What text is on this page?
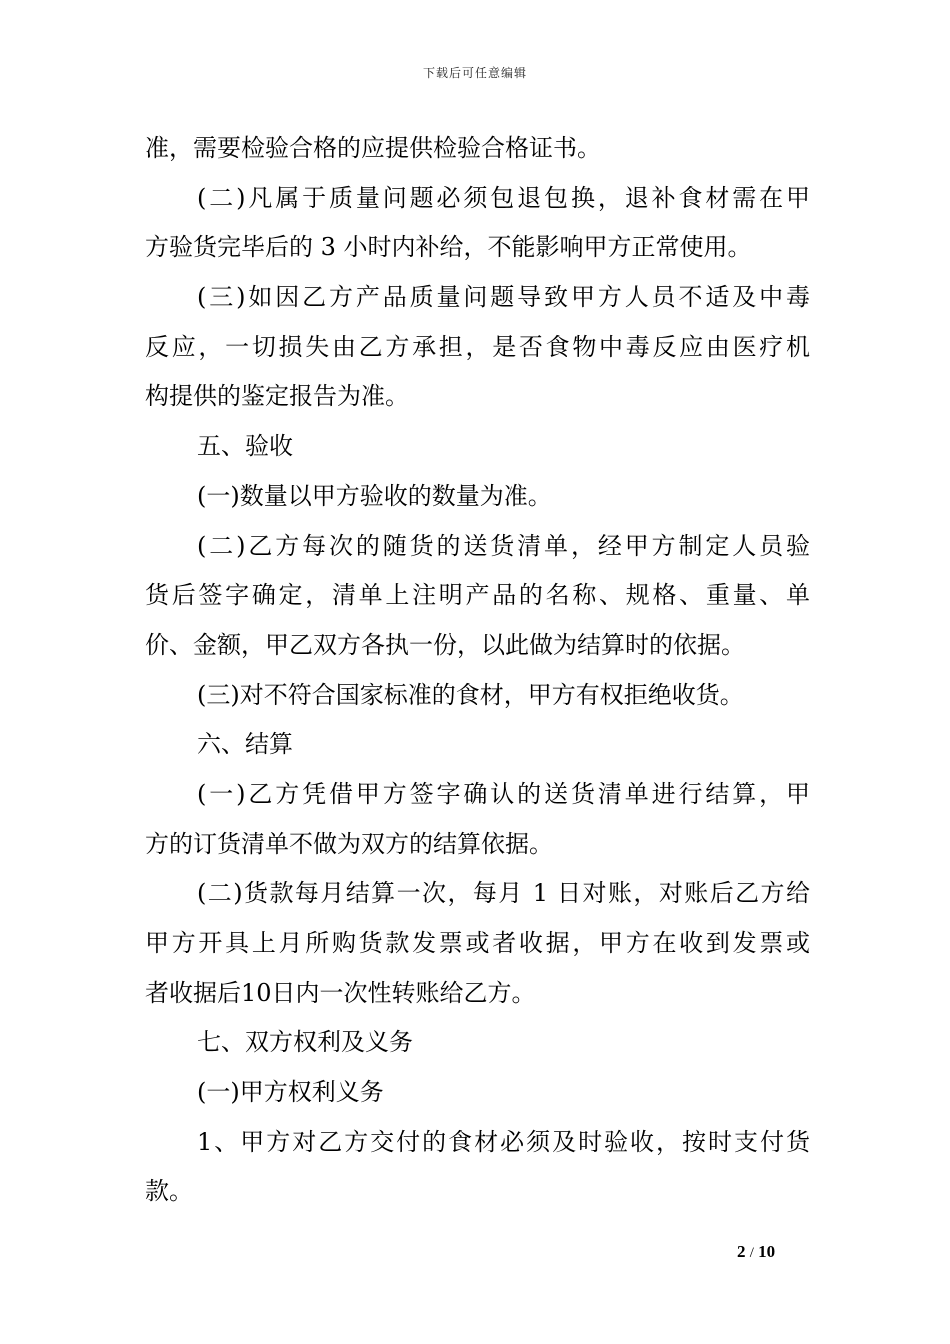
下载后可任意编辑
准，需要检验合格的应提供检验合格证书。
(二)凡属于质量问题必须包退包换，退补食材需在甲
方验货完毕后的 3 小时内补给，不能影响甲方正常使用。
(三)如因乙方产品质量问题导致甲方人员不适及中毒
反应，一切损失由乙方承担，是否食物中毒反应由医疗机
构提供的鉴定报告为准。
五、验收
(一)数量以甲方验收的数量为准。
(二)乙方每次的随货的送货清单，经甲方制定人员验
货后签字确定，清单上注明产品的名称、规格、重量、单
价、金额，甲乙双方各执一份，以此做为结算时的依据。
(三)对不符合国家标准的食材，甲方有权拒绝收货。
六、结算
(一)乙方凭借甲方签字确认的送货清单进行结算，甲
方的订货清单不做为双方的结算依据。
(二)货款每月结算一次，每月 1 日对账，对账后乙方给
甲方开具上月所购货款发票或者收据，甲方在收到发票或
者收据后10日内一次性转账给乙方。
七、双方权利及义务
(一)甲方权利义务
1、甲方对乙方交付的食材必须及时验收，按时支付货
款。
2 / 10
